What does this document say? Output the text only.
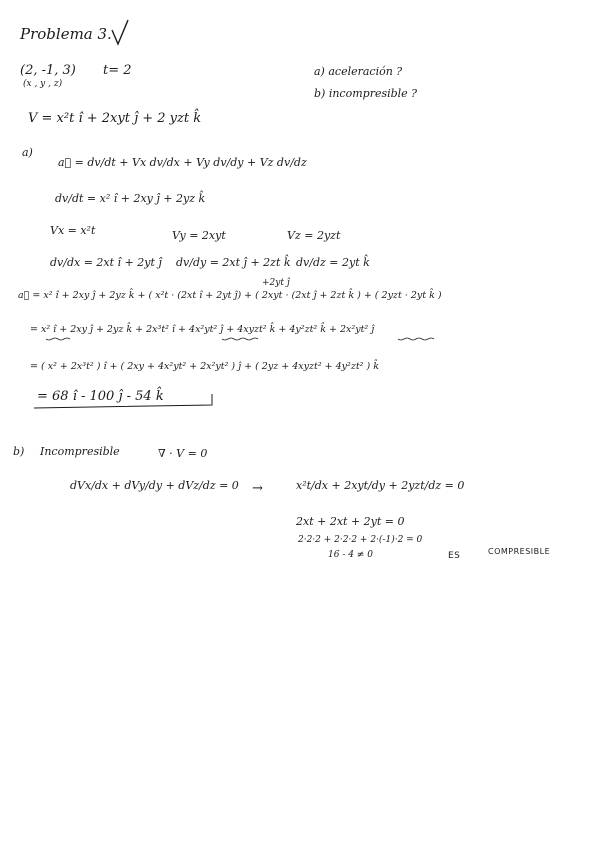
Problema 3.
(2, -1, 3)
(x , y , z)
t= 2	a) aceleración ?
b) incompresible ?
V = x²t î + 2xyt ĵ + 2 yzt k̂
a)
a⃗ = dv/dt + Vx dv/dx + Vy dv/dy + Vz dv/dz
dv/dt = x² î + 2xy ĵ + 2yz k̂
Vx = x²t	Vy = 2xyt	Vz = 2yzt
dv/dx = 2xt î + 2yt ĵ dv/dy = 2xt ĵ + 2zt k̂ dv/dz = 2yt k̂
+2yt ĵ
a⃗ = x² î + 2xy ĵ + 2yz k̂ + ( x²t · (2xt î + 2yt ĵ) + ( 2xyt · (2xt ĵ + 2zt k̂ ) + ( 2yzt · 2yt k̂ )
= x² î + 2xy ĵ + 2yz k̂ + 2x³t² î + 4x²yt² ĵ + 4xyzt² k̂ + 4y²zt² k̂ + 2x²yt² ĵ
= ( x² + 2x³t² ) î + ( 2xy + 4x²yt² + 2x²yt² ) ĵ + ( 2yz + 4xyzt² + 4y²zt² ) k̂
= 68 î - 100 ĵ - 54 k̂
b) Incompresible	∇ · V = 0
dVx/dx + dVy/dy + dVz/dz = 0 →	x²t/dx + 2xyt/dy + 2yzt/dz = 0
2xt + 2xt + 2yt = 0
2·2·2 + 2·2·2 + 2·(-1)·2 = 0
16 - 4 ≠ 0	ES	COMPRESIBLE
